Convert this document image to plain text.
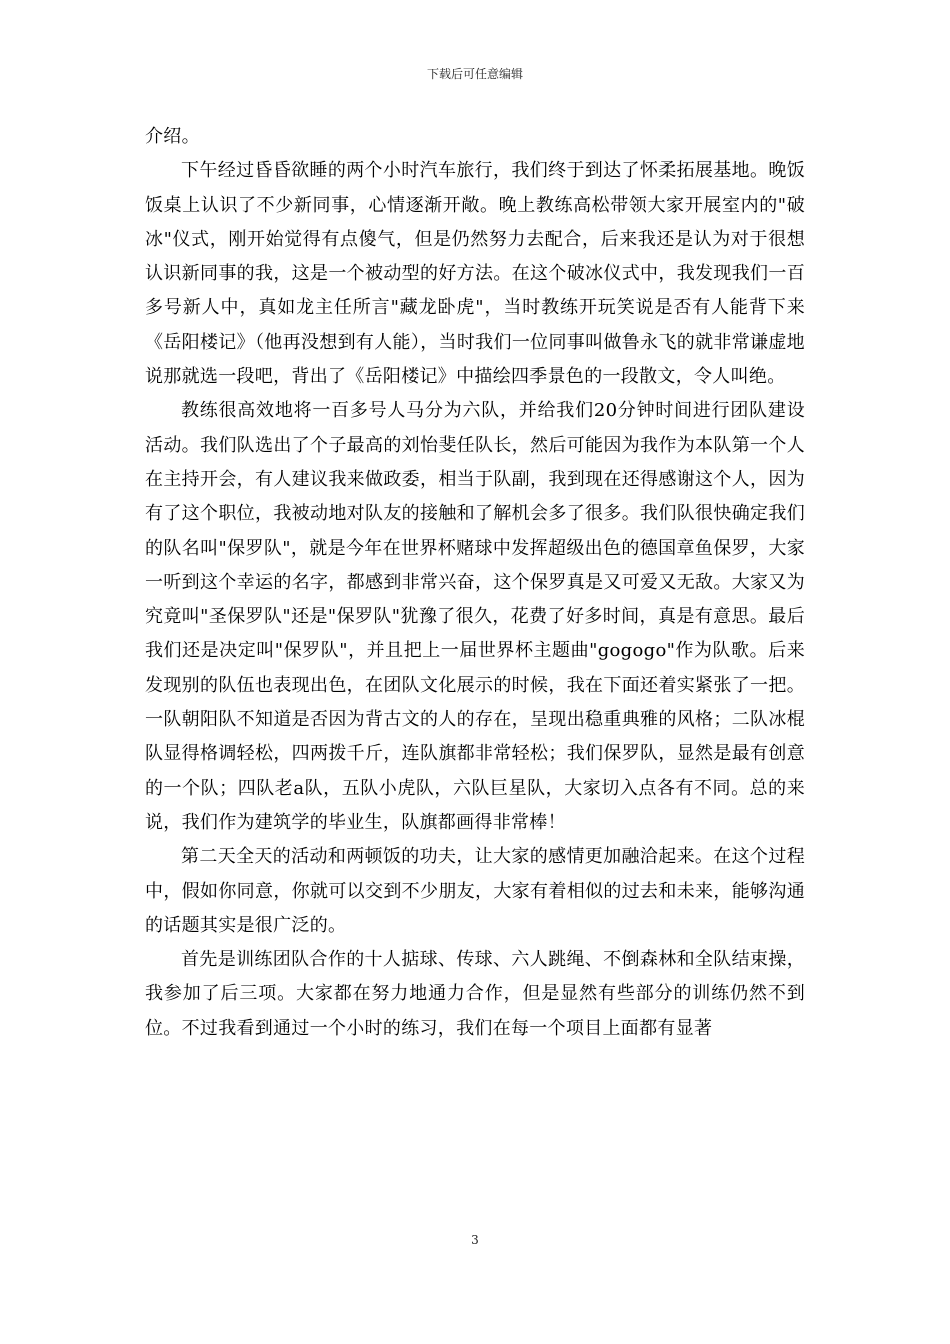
下载后可任意编辑

介绍。

下午经过昏昏欲睡的两个小时汽车旅行，我们终于到达了怀柔拓展基地。晚饭饭桌上认识了不少新同事，心情逐渐开敞。晚上教练高松带领大家开展室内的"破冰"仪式，刚开始觉得有点傻气，但是仍然努力去配合，后来我还是认为对于很想认识新同事的我，这是一个被动型的好方法。在这个破冰仪式中，我发现我们一百多号新人中，真如龙主任所言"藏龙卧虎"，当时教练开玩笑说是否有人能背下来《岳阳楼记》（他再没想到有人能），当时我们一位同事叫做鲁永飞的就非常谦虚地说那就选一段吧，背出了《岳阳楼记》中描绘四季景色的一段散文，令人叫绝。

教练很高效地将一百多号人马分为六队，并给我们20分钟时间进行团队建设活动。我们队选出了个子最高的刘怡斐任队长，然后可能因为我作为本队第一个人在主持开会，有人建议我来做政委，相当于队副，我到现在还得感谢这个人，因为有了这个职位，我被动地对队友的接触和了解机会多了很多。我们队很快确定我们的队名叫"保罗队"，就是今年在世界杯赌球中发挥超级出色的德国章鱼保罗，大家一听到这个幸运的名字，都感到非常兴奋，这个保罗真是又可爱又无敌。大家又为究竟叫"圣保罗队"还是"保罗队"犹豫了很久，花费了好多时间，真是有意思。最后我们还是决定叫"保罗队"，并且把上一届世界杯主题曲"gogogo"作为队歌。后来发现别的队伍也表现出色，在团队文化展示的时候，我在下面还着实紧张了一把。一队朝阳队不知道是否因为背古文的人的存在，呈现出稳重典雅的风格；二队冰棍队显得格调轻松，四两拨千斤，连队旗都非常轻松；我们保罗队，显然是最有创意的一个队；四队老a队，五队小虎队，六队巨星队，大家切入点各有不同。总的来说，我们作为建筑学的毕业生，队旗都画得非常棒！

第二天全天的活动和两顿饭的功夫，让大家的感情更加融洽起来。在这个过程中，假如你同意，你就可以交到不少朋友，大家有着相似的过去和未来，能够沟通的话题其实是很广泛的。

首先是训练团队合作的十人掂球、传球、六人跳绳、不倒森林和全队结束操，我参加了后三项。大家都在努力地通力合作，但是显然有些部分的训练仍然不到位。不过我看到通过一个小时的练习，我们在每一个项目上面都有显著

3
